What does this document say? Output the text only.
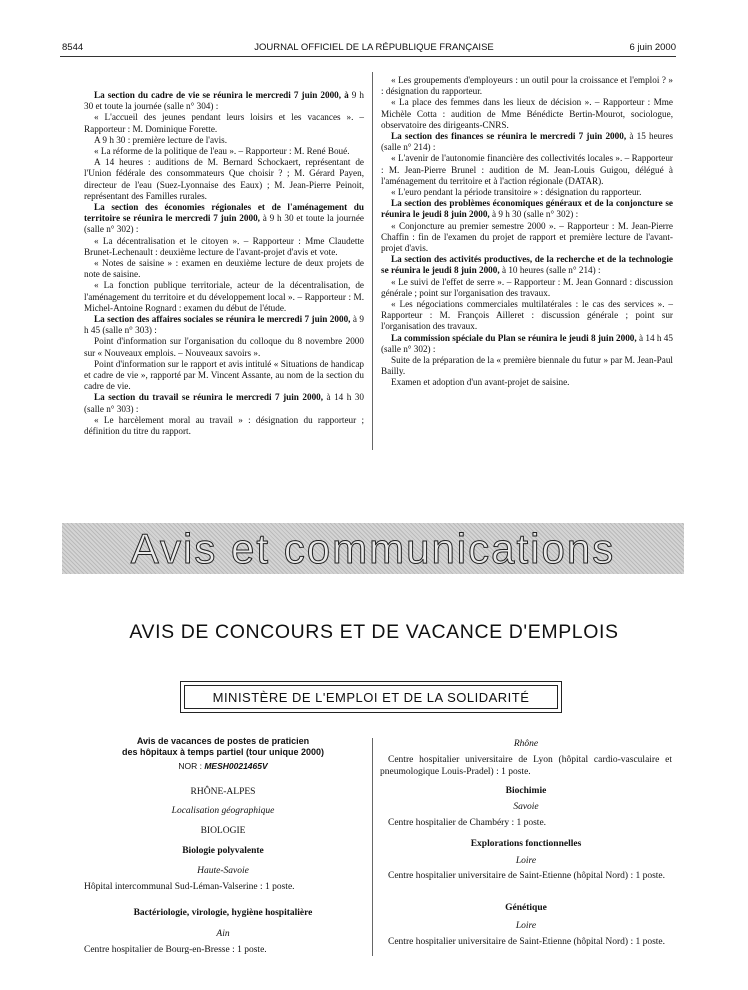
8544	JOURNAL OFFICIEL DE LA RÉPUBLIQUE FRANÇAISE	6 juin 2000

La section du cadre de vie se réunira le mercredi 7 juin 2000, à 9 h 30 et toute la journée (salle n° 304) :

« L'accueil des jeunes pendant leurs loisirs et les vacances ». – Rapporteur : M. Dominique Forette.

A 9 h 30 : première lecture de l'avis.

« La réforme de la politique de l'eau ». – Rapporteur : M. René Boué.

A 14 heures : auditions de M. Bernard Schockaert, représentant de l'Union fédérale des consommateurs Que choisir ? ; M. Gérard Payen, directeur de l'eau (Suez-Lyonnaise des Eaux) ; M. Jean-Pierre Peinoit, représentant des Familles rurales.

La section des économies régionales et de l'aménagement du territoire se réunira le mercredi 7 juin 2000, à 9 h 30 et toute la journée (salle n° 302) :

« La décentralisation et le citoyen ». – Rapporteur : Mme Claudette Brunet-Lechenault : deuxième lecture de l'avant-projet d'avis et vote.

« Notes de saisine » : examen en deuxième lecture de deux projets de note de saisine.

« La fonction publique territoriale, acteur de la décentralisation, de l'aménagement du territoire et du développement local ». – Rapporteur : M. Michel-Antoine Rognard : examen du début de l'étude.

La section des affaires sociales se réunira le mercredi 7 juin 2000, à 9 h 45 (salle n° 303) :

Point d'information sur l'organisation du colloque du 8 novembre 2000 sur « Nouveaux emplois. – Nouveaux savoirs ».

Point d'information sur le rapport et avis intitulé « Situations de handicap et cadre de vie », rapporté par M. Vincent Assante, au nom de la section du cadre de vie.

La section du travail se réunira le mercredi 7 juin 2000, à 14 h 30 (salle n° 303) :

« Le harcèlement moral au travail » : désignation du rapporteur ; définition du titre du rapport.

« Les groupements d'employeurs : un outil pour la croissance et l'emploi ? » : désignation du rapporteur.

« La place des femmes dans les lieux de décision ». – Rapporteur : Mme Michèle Cotta : audition de Mme Bénédicte Bertin-Mourot, sociologue, observatoire des dirigeants-CNRS.

La section des finances se réunira le mercredi 7 juin 2000, à 15 heures (salle n° 214) :

« L'avenir de l'autonomie financière des collectivités locales ». – Rapporteur : M. Jean-Pierre Brunel : audition de M. Jean-Louis Guigou, délégué à l'aménagement du territoire et à l'action régionale (DATAR).

« L'euro pendant la période transitoire » : désignation du rapporteur.

La section des problèmes économiques généraux et de la conjoncture se réunira le jeudi 8 juin 2000, à 9 h 30 (salle n° 302) :

« Conjoncture au premier semestre 2000 ». – Rapporteur : M. Jean-Pierre Chaffin : fin de l'examen du projet de rapport et première lecture de l'avant-projet d'avis.

La section des activités productives, de la recherche et de la technologie se réunira le jeudi 8 juin 2000, à 10 heures (salle n° 214) :

« Le suivi de l'effet de serre ». – Rapporteur : M. Jean Gonnard : discussion générale ; point sur l'organisation des travaux.

« Les négociations commerciales multilatérales : le cas des services ». – Rapporteur : M. François Ailleret : discussion générale ; point sur l'organisation des travaux.

La commission spéciale du Plan se réunira le jeudi 8 juin 2000, à 14 h 45 (salle n° 302) :

Suite de la préparation de la « première biennale du futur » par M. Jean-Paul Bailly.

Examen et adoption d'un avant-projet de saisine.

Avis et communications
AVIS DE CONCOURS ET DE VACANCE D'EMPLOIS
MINISTÈRE DE L'EMPLOI ET DE LA SOLIDARITÉ
Avis de vacances de postes de praticien
des hôpitaux à temps partiel (tour unique 2000)
NOR : MESH0021465V
RHÔNE-ALPES
Localisation géographique
BIOLOGIE
Biologie polyvalente
Haute-Savoie
Hôpital intercommunal Sud-Léman-Valserine : 1 poste.
Bactériologie, virologie, hygiène hospitalière
Ain
Centre hospitalier de Bourg-en-Bresse : 1 poste.
Rhône
Centre hospitalier universitaire de Lyon (hôpital cardio-vasculaire et pneumologique Louis-Pradel) : 1 poste.
Biochimie
Savoie
Centre hospitalier de Chambéry : 1 poste.
Explorations fonctionnelles
Loire
Centre hospitalier universitaire de Saint-Etienne (hôpital Nord) : 1 poste.
Génétique
Loire
Centre hospitalier universitaire de Saint-Etienne (hôpital Nord) : 1 poste.
